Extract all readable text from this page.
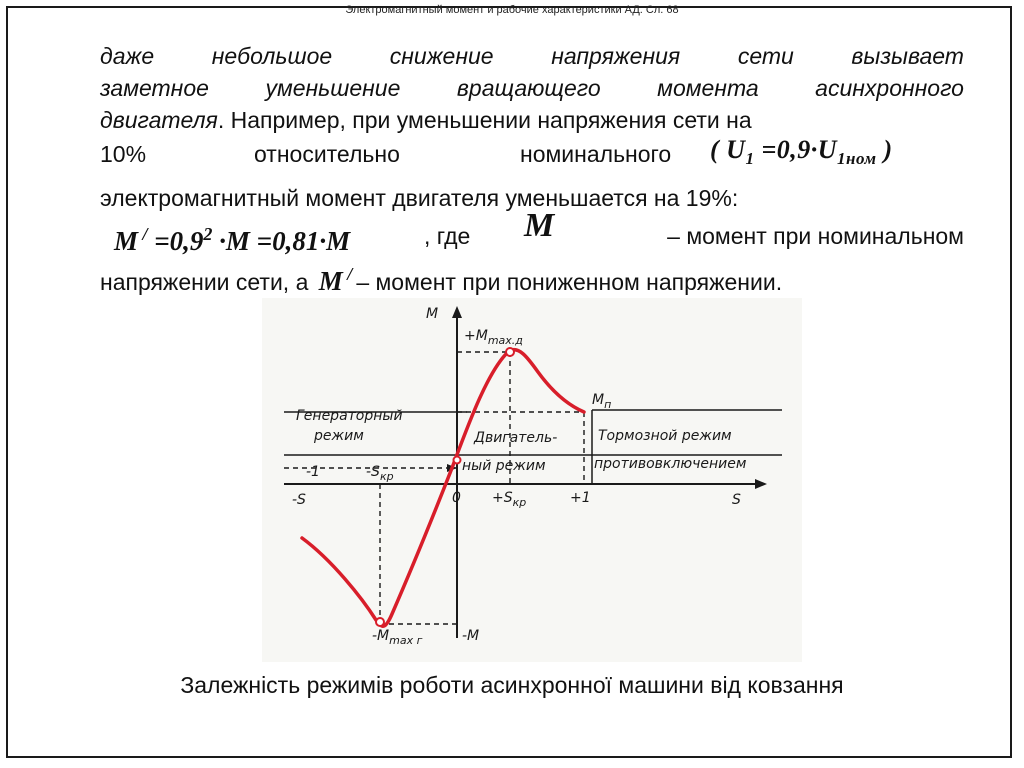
Электромагнитный момент и рабочие характеристики АД. Сл. 68
даже	небольшое	снижение	напряжения	сети	вызывает
заметное уменьшение вращающего момента асинхронного
двигателя. Например, при уменьшении напряжения сети на
10%	относительно	номинального ( $U_1 =0,9\cdot U_{1ном}$ )
электромагнитный момент двигателя уменьшается на 19%:
M $^/ =0,9^2 \cdot M =0,81\cdot M$	, где M	– момент при номинальном
напряжении сети, а M / – момент при пониженном напряжении.
M
-M
S
-S
$+M_{max.д}$
$-M_{max г}$
$M_п$
-1	$-S_{кр}$
$0 +S_{кр}$	+1
Генераторный
режим	Двигатель-
ный режим
Тормозной режим
противовключением
Залежність режимів роботи асинхронної машини від ковзання
